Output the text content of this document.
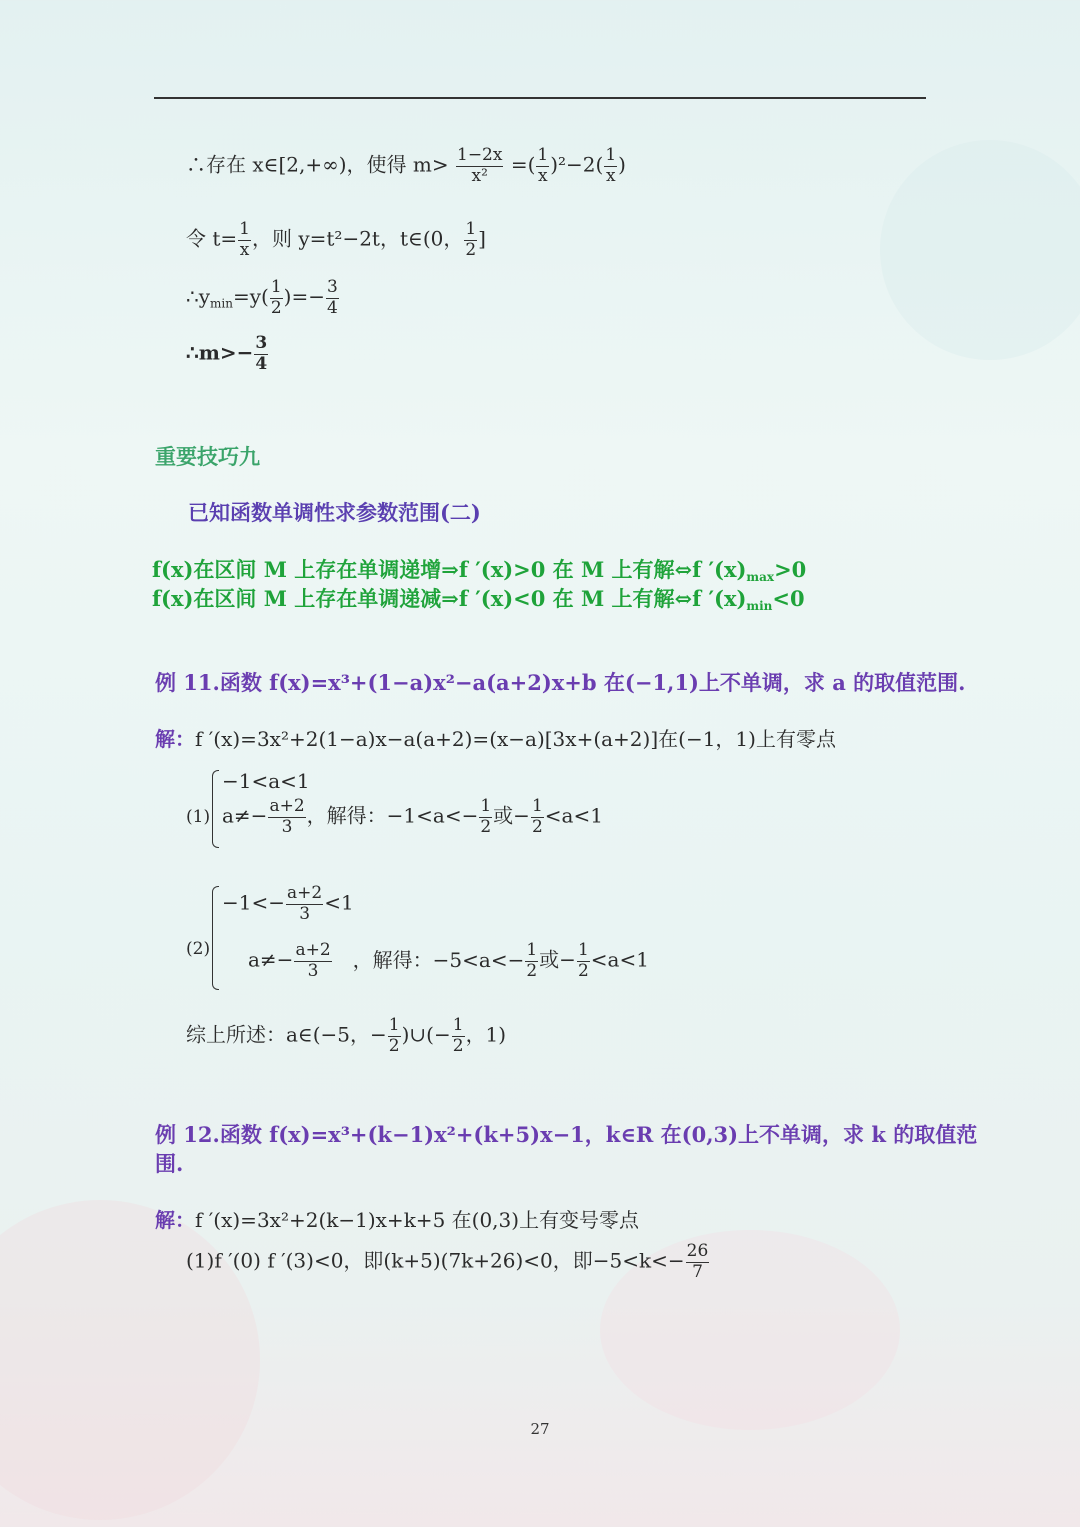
∴存在 x∈[2,+∞)，使得 $m> \frac{1-2x}{\text{x²}}$ =( $\frac{1}{x} )^2-2( \frac{1}{x}$ )
令 $t= \frac{1}{x}$ ，则 y=t²−2t，t∈(0， $\frac{1}{2}$ ]
$\therefore y_{min}=y( \frac{1}{2}$ )=− $\frac{3}{4}$
∴m>− $\frac{3}{4}$
重要技巧九
已知函数单调性求参数范围(二)
f(x)在区间 M 上存在单调递增⇒f ′(x)>0 在 M 上有解⇔f $'(x)_{max}>0$
f(x)在区间 M 上存在单调递减⇒f ′(x)<0 在 M 上有解⇔f $'(x)_{min}<0$
例 11.函数 f(x)=x³+(1−a)x²−a(a+2)x+b 在(−1,1)上不单调，求 a 的取值范围.
解：f ′(x)=3x²+2(1−a)x−a(a+2)=(x−a)[3x+(a+2)]在(−1，1)上有零点
(1)
−1<a<1
$a\ne- \frac{a+2}{3}$ ，解得：$-1<a<- \frac{1}{2}$ 或− $\frac{1}{2} <a<1$
(2)
$-1<- \frac{a+2}{3} <1$
$a\ne- \frac{a+2}{3}$ ，解得：$-5<a<- \frac{1}{2}$ 或− $\frac{1}{2} <a<1$
综上所述：a∈(−5，− $\frac{1}{2}$ )∪(− $\frac{1}{2}$ ，1)
例 12.函数 f(x)=x³+(k−1)x²+(k+5)x−1，k∈R 在(0,3)上不单调，求 k 的取值范
围.
解：f ′(x)=3x²+2(k−1)x+k+5 在(0,3)上有变号零点
(1)f ′(0) f ′(3)<0，即(k+5)(7k+26)<0，即$-5<k<- \frac{26}{7}$
27
